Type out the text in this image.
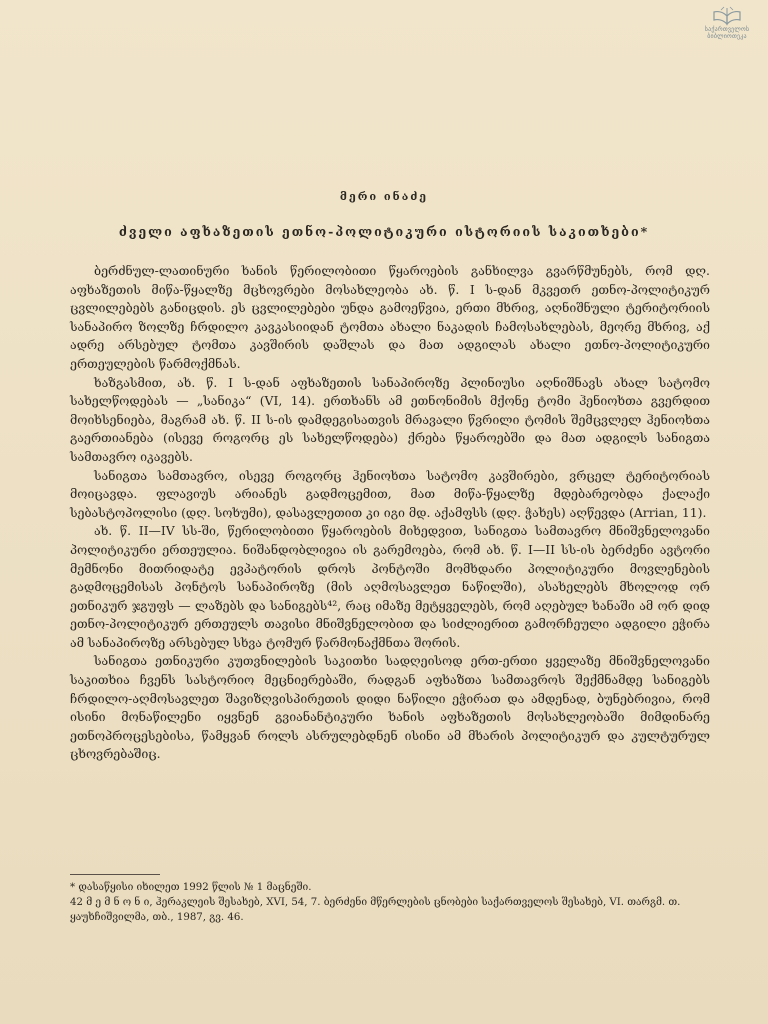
საქართველოს
ბიბლიოთეკა
მერი ინაძე
ძველი აფხაზეთის ეთნო-პოლიტიკური ისტორიის საკითხები*

ბერძნულ-ლათინური ხანის წერილობითი წყაროების განხილვა გვარწმუნებს, რომ დღ. აფხაზეთის მიწა-წყალზე მცხოვრები მოსახლეობა ახ. წ. I ს-დან მკვეთრ ეთნო-პოლიტიკურ ცვლილებებს განიცდის. ეს ცვლილებები უნდა გამოეწვია, ერთი მხრივ, აღნიშნული ტერიტორიის სანაპირო ზოლზე ჩრდილო კავკასიიდან ტომთა ახალი ნაკადის ჩამოსახლებას, მეორე მხრივ, აქ ადრე არსებულ ტომთა კავშირის დაშლას და მათ ადგილას ახალი ეთნო-პოლიტიკური ერთეულების წარმოქმნას.

ხაზგასმით, ახ. წ. I ს-დან აფხაზეთის სანაპიროზე პლინიუსი აღნიშნავს ახალ სატომო სახელწოდებას — „სანიკა“ (VI, 14). ერთხანს ამ ეთნონიმის მქონე ტომი ჰენიოხთა გვერდით მოიხსენიება, მაგრამ ახ. წ. II ს-ის დამდეგისათვის მრავალი წვრილი ტომის შემცვლელ ჰენიოხთა გაერთიანება (ისევე როგორც ეს სახელწოდება) ქრება წყაროებში და მათ ადგილს სანიგთა სამთავრო იკავებს.

სანიგთა სამთავრო, ისევე როგორც ჰენიოხთა სატომო კავშირები, ვრცელ ტერიტორიას მოიცავდა. ფლავიუს არიანეს გადმოცემით, მათ მიწა-წყალზე მდებარეობდა ქალაქი სებასტოპოლისი (დღ. სოხუმი), დასავლეთით კი იგი მდ. აქამფსს (დღ. ჭახეს) აღწევდა (Arrian, 11).

ახ. წ. II—IV სს-ში, წერილობითი წყაროების მიხედვით, სანიგთა სამთავრო მნიშვნელოვანი პოლიტიკური ერთეულია. ნიშანდობლივია ის გარემოება, რომ ახ. წ. I—II სს-ის ბერძენი ავტორი მემნონი მითრიდატე ევპატორის დროს პონტოში მომხდარი პოლიტიკური მოვლენების გადმოცემისას პონტოს სანაპიროზე (მის აღმოსავლეთ ნაწილში), ასახელებს მხოლოდ ორ ეთნიკურ ჯგუფს — ლაზებს და სანიგებს⁴², რაც იმაზე მეტყველებს, რომ აღებულ ხანაში ამ ორ დიდ ეთნო-პოლიტიკურ ერთეულს თავისი მნიშვნელობით და სიძლიერით გამორჩეული ადგილი ეჭირა ამ სანაპიროზე არსებულ სხვა ტომურ წარმონაქმნთა შორის.

სანიგთა ეთნიკური კუთვნილების საკითხი სადღეისოდ ერთ-ერთი ყველაზე მნიშვნელოვანი საკითხია ჩვენს სასტორიო მეცნიერებაში, რადგან აფხაზთა სამთავროს შექმნამდე სანიგებს ჩრდილო-აღმოსავლეთ შავიზღვისპირეთის დიდი ნაწილი ეჭირათ და ამდენად, ბუნებრივია, რომ ისინი მონაწილენი იყვნენ გვიანანტიკური ხანის აფხაზეთის მოსახლეობაში მიმდინარე ეთნოპროცესებისა, წამყვან როლს ასრულებდნენ ისინი ამ მხარის პოლიტიკურ და კულტურულ ცხოვრებაშიც.

* დასაწყისი იხილეთ 1992 წლის № 1 მაცნეში.

42 მ ე მ ნ ო ნ ი, ჰერაკლეის შესახებ, XVI, 54, 7. ბერძენი მწერლების ცნობები საქართველოს შესახებ, VI. თარგმ. თ. ყაუხჩიშვილმა, თბ., 1987, გვ. 46.
